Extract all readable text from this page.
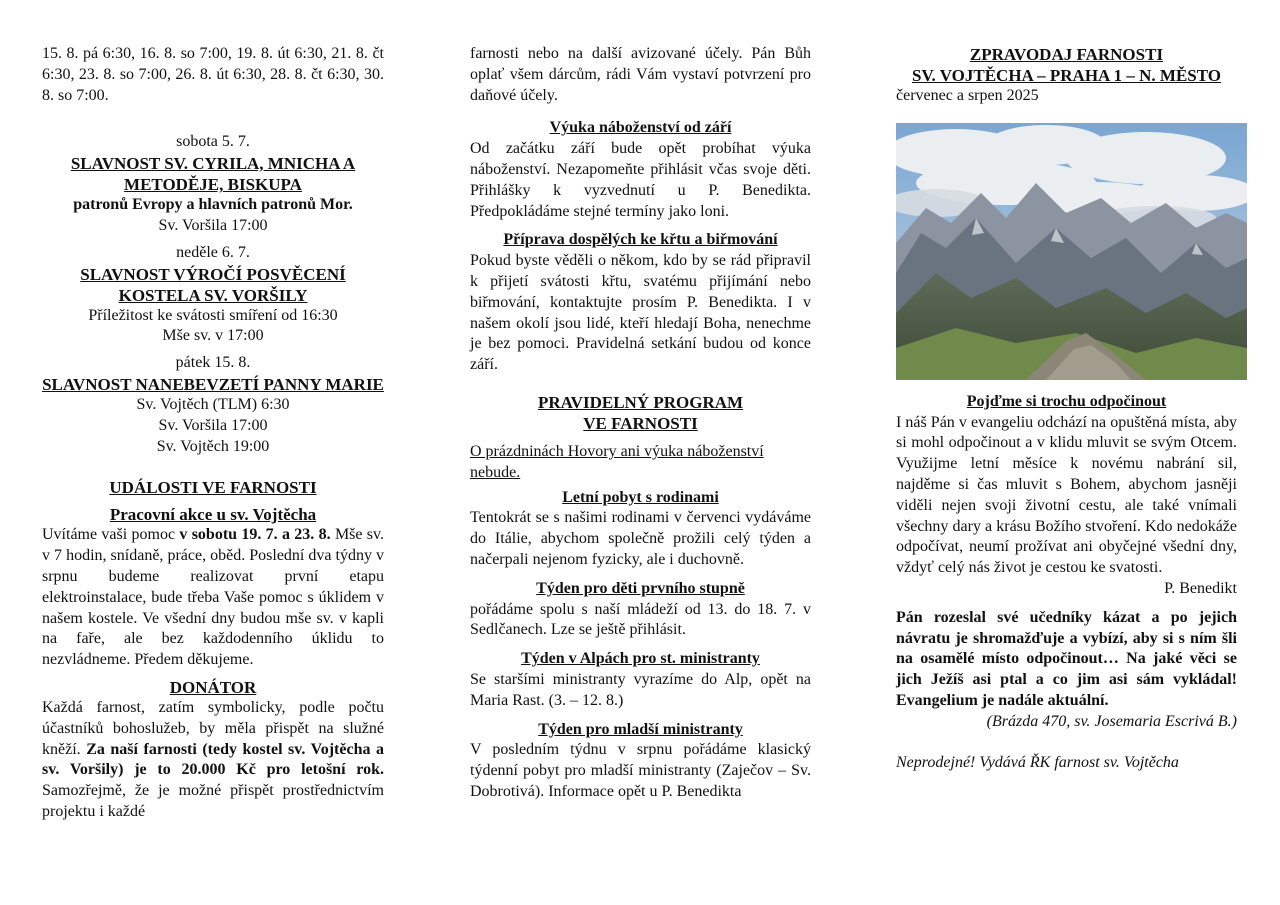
15. 8. pá 6:30, 16. 8. so 7:00, 19. 8. út 6:30, 21. 8. čt 6:30, 23. 8. so 7:00, 26. 8. út 6:30, 28. 8. čt 6:30, 30. 8. so 7:00.

sobota 5. 7.

SLAVNOST SV. CYRILA, MNICHA A METODĚJE, BISKUPA

patronů Evropy a hlavních patronů Mor.

Sv. Voršila 17:00

neděle 6. 7.

SLAVNOST VÝROČÍ POSVĚCENÍ KOSTELA SV. VORŠILY

Příležitost ke svátosti smíření od 16:30

Mše sv. v 17:00

pátek 15. 8.

SLAVNOST NANEBEVZETÍ PANNY MARIE

Sv. Vojtěch (TLM) 6:30

Sv. Voršila 17:00

Sv. Vojtěch 19:00

UDÁLOSTI VE FARNOSTI

Pracovní akce u sv. Vojtěcha

Uvítáme vaši pomoc v sobotu 19. 7. a 23. 8. Mše sv. v 7 hodin, snídaně, práce, oběd. Poslední dva týdny v srpnu budeme realizovat první etapu elektroinstalace, bude třeba Vaše pomoc s úklidem v našem kostele. Ve všední dny budou mše sv. v kapli na faře, ale bez každodenního úklidu to nezvládneme. Předem děkujeme.

DONÁTOR

Každá farnost, zatím symbolicky, podle počtu účastníků bohoslužeb, by měla přispět na služné kněží. Za naší farnosti (tedy kostel sv. Vojtěcha a sv. Voršily) je to 20.000 Kč pro letošní rok. Samozřejmě, že je možné přispět prostřednictvím projektu i každé

farnosti nebo na další avizované účely. Pán Bůh oplať všem dárcům, rádi Vám vystaví potvrzení pro daňové účely.

Výuka náboženství od září

Od začátku září bude opět probíhat výuka náboženství. Nezapomeňte přihlásit včas svoje děti. Přihlášky k vyzvednutí u P. Benedikta. Předpokládáme stejné termíny jako loni.

Příprava dospělých ke křtu a biřmování

Pokud byste věděli o někom, kdo by se rád připravil k přijetí svátosti křtu, svatému přijímání nebo biřmování, kontaktujte prosím P. Benedikta. I v našem okolí jsou lidé, kteří hledají Boha, nenechme je bez pomoci. Pravidelná setkání budou od konce září.

PRAVIDELNÝ PROGRAM

VE FARNOSTI

O prázdninách Hovory ani výuka náboženství nebude.

Letní pobyt s rodinami

Tentokrát se s našimi rodinami v červenci vydáváme do Itálie, abychom společně prožili celý týden a načerpali nejenom fyzicky, ale i duchovně.

Týden pro děti prvního stupně

pořádáme spolu s naší mládeží od 13. do 18. 7. v Sedlčanech. Lze se ještě přihlásit.

Týden v Alpách pro st. ministranty

Se staršími ministranty vyrazíme do Alp, opět na Maria Rast. (3. – 12. 8.)

Týden pro mladší ministranty

V posledním týdnu v srpnu pořádáme klasický týdenní pobyt pro mladší ministranty (Zaječov – Sv. Dobrotivá). Informace opět u P. Benedikta

ZPRAVODAJ FARNOSTI

SV. VOJTĚCHA – PRAHA 1 – N. MĚSTO

červenec a srpen 2025

Pojďme si trochu odpočinout

I náš Pán v evangeliu odchází na opuštěná místa, aby si mohl odpočinout a v klidu mluvit se svým Otcem. Využijme letní měsíce k novému nabrání sil, najděme si čas mluvit s Bohem, abychom jasněji viděli nejen svoji životní cestu, ale také vnímali všechny dary a krásu Božího stvoření. Kdo nedokáže odpočívat, neumí prožívat ani obyčejné všední dny, vždyť celý nás život je cestou ke svatosti.

P. Benedikt

Pán rozeslal své učedníky kázat a po jejich návratu je shromažďuje a vybízí, aby si s ním šli na osamělé místo odpočinout… Na jaké věci se jich Ježíš asi ptal a co jim asi sám vykládal! Evangelium je nadále aktuální.

(Brázda 470, sv. Josemaria Escrivá B.)

Neprodejné! Vydává ŘK farnost sv. Vojtěcha
